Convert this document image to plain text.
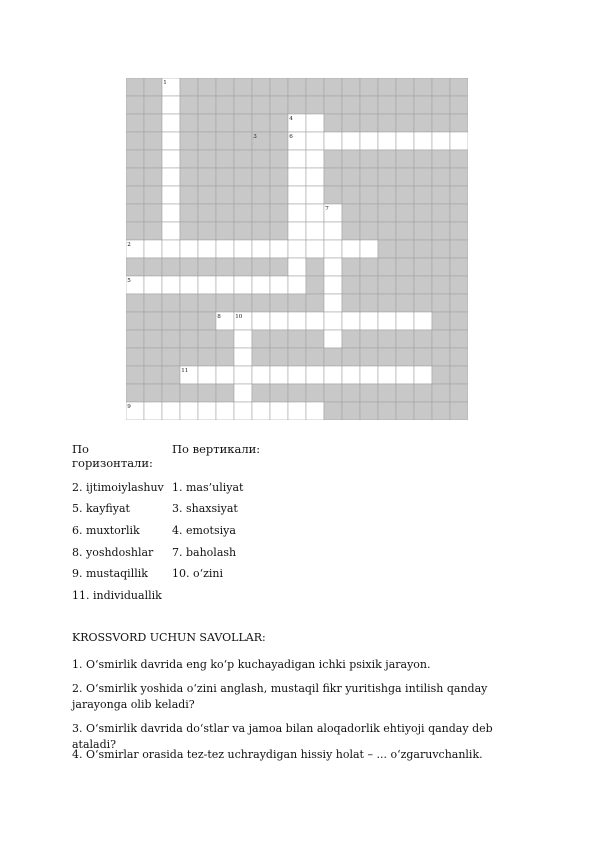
1
2
3
4
5
6
7
8
9
10
11
По горизонтали:
По вертикали:
2. ijtimoiylashuv
5. kayfiyat
6. muxtorlik
8. yoshdoshlar
9. mustaqillik
11. individuallik
1. mas’uliyat
3. shaxsiyat
4. emotsiya
7. baholash
10. o‘zini
KROSSVORD UCHUN SAVOLLAR:
1. O‘smirlik davrida eng ko‘p kuchayadigan ichki psixik jarayon.
2. O‘smirlik yoshida o‘zini anglash, mustaqil fikr yuritishga intilish qanday jarayonga olib keladi?
3. O‘smirlik davrida do‘stlar va jamoa bilan aloqadorlik ehtiyoji qanday deb ataladi?
4. O‘smirlar orasida tez-tez uchraydigan hissiy holat – ... o‘zgaruvchanlik.
